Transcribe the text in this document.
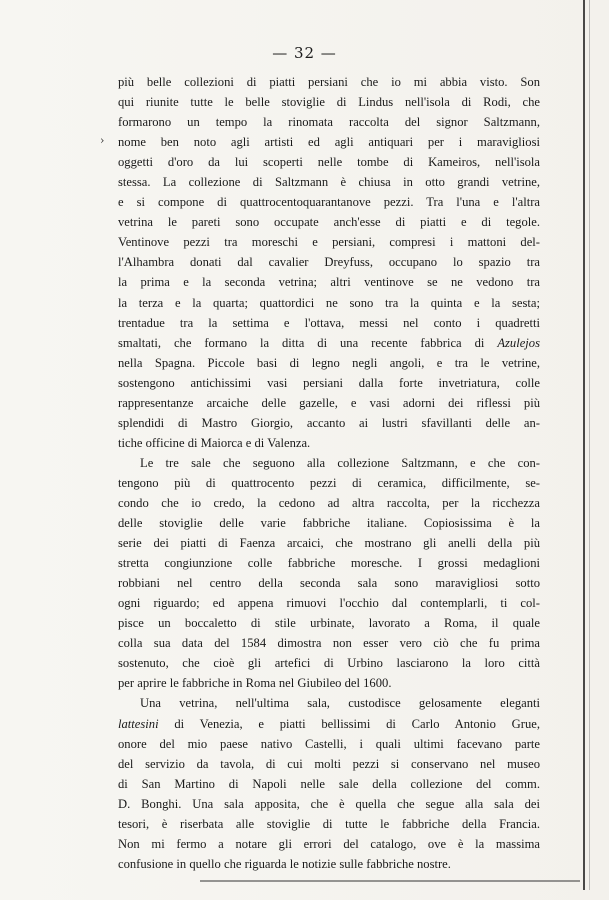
— 32 —
›
più belle collezioni di piatti persiani che io mi abbia visto. Son
qui riunite tutte le belle stoviglie di Lindus nell'isola di Rodi, che
formarono un tempo la rinomata raccolta del signor Saltzmann,
nome ben noto agli artisti ed agli antiquari per i maravigliosi
oggetti d'oro da lui scoperti nelle tombe di Kameiros, nell'isola
stessa. La collezione di Saltzmann è chiusa in otto grandi vetrine,
e si compone di quattrocentoquarantanove pezzi. Tra l'una e l'altra
vetrina le pareti sono occupate anch'esse di piatti e di tegole.
Ventinove pezzi tra moreschi e persiani, compresi i mattoni del-
l'Alhambra donati dal cavalier Dreyfuss, occupano lo spazio tra
la prima e la seconda vetrina; altri ventinove se ne vedono tra
la terza e la quarta; quattordici ne sono tra la quinta e la sesta;
trentadue tra la settima e l'ottava, messi nel conto i quadretti
smaltati, che formano la ditta di una recente fabbrica di Azulejos
nella Spagna. Piccole basi di legno negli angoli, e tra le vetrine,
sostengono antichissimi vasi persiani dalla forte invetriatura, colle
rappresentanze arcaiche delle gazelle, e vasi adorni dei riflessi più
splendidi di Mastro Giorgio, accanto ai lustri sfavillanti delle an-
tiche officine di Maiorca e di Valenza.
Le tre sale che seguono alla collezione Saltzmann, e che con-
tengono più di quattrocento pezzi di ceramica, difficilmente, se-
condo che io credo, la cedono ad altra raccolta, per la ricchezza
delle stoviglie delle varie fabbriche italiane. Copiosissima è la
serie dei piatti di Faenza arcaici, che mostrano gli anelli della più
stretta congiunzione colle fabbriche moresche. I grossi medaglioni
robbiani nel centro della seconda sala sono maravigliosi sotto
ogni riguardo; ed appena rimuovi l'occhio dal contemplarli, ti col-
pisce un boccaletto di stile urbinate, lavorato a Roma, il quale
colla sua data del 1584 dimostra non esser vero ciò che fu prima
sostenuto, che cioè gli artefici di Urbino lasciarono la loro città
per aprire le fabbriche in Roma nel Giubileo del 1600.
Una vetrina, nell'ultima sala, custodisce gelosamente eleganti
lattesini di Venezia, e piatti bellissimi di Carlo Antonio Grue,
onore del mio paese nativo Castelli, i quali ultimi facevano parte
del servizio da tavola, di cui molti pezzi si conservano nel museo
di San Martino di Napoli nelle sale della collezione del comm.
D. Bonghi. Una sala apposita, che è quella che segue alla sala dei
tesori, è riserbata alle stoviglie di tutte le fabbriche della Francia.
Non mi fermo a notare gli errori del catalogo, ove è la massima
confusione in quello che riguarda le notizie sulle fabbriche nostre.
